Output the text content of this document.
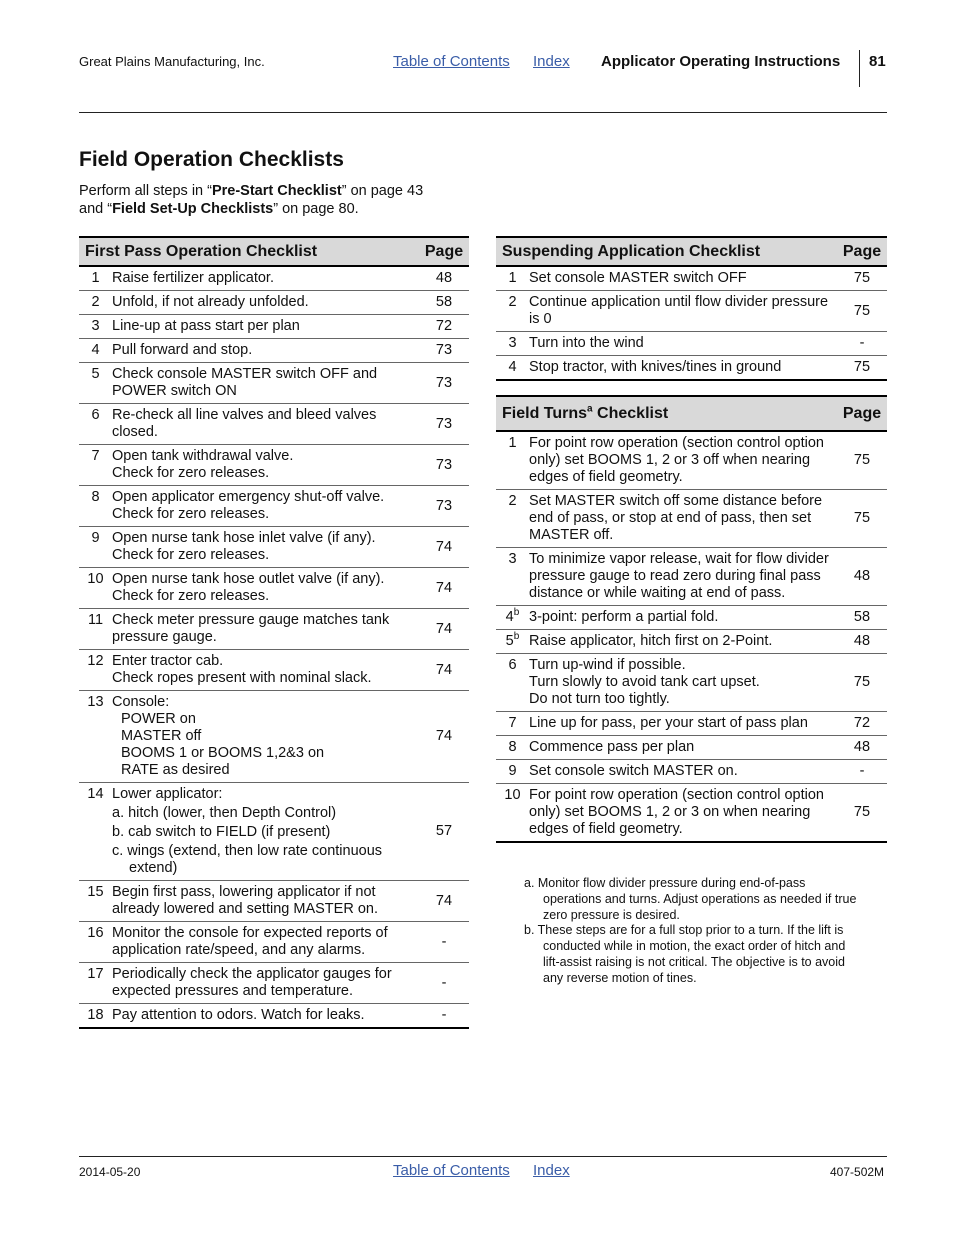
Great Plains Manufacturing, Inc.	Table of Contents Index Applicator Operating Instructions 81
Field Operation Checklists
Perform all steps in “Pre-Start Checklist” on page 43
and “Field Set-Up Checklists” on page 80.
First Pass Operation Checklist		Page
1	Raise fertilizer applicator.	48
2	Unfold, if not already unfolded.	58
3	Line-up at pass start per plan	72
4	Pull forward and stop.	73
5	Check console MASTER switch OFF and POWER switch ON	73
6	Re-check all line valves and bleed valves closed.	73
7	Open tank withdrawal valve.
Check for zero releases.	73
8	Open applicator emergency shut-off valve. Check for zero releases.	73
9	Open nurse tank hose inlet valve (if any). Check for zero releases.	74
10	Open nurse tank hose outlet valve (if any). Check for zero releases.	74
11	Check meter pressure gauge matches tank pressure gauge.	74
12	Enter tractor cab.
Check ropes present with nominal slack.	74
13	Console:
POWER on
MASTER off
BOOMS 1 or BOOMS 1,2&3 on
RATE as desired	74
14	Lower applicator:
a. hitch (lower, then Depth Control)
b. cab switch to FIELD (if present)
c. wings (extend, then low rate continuous extend)	57
15	Begin first pass, lowering applicator if not already lowered and setting MASTER on.	74
16	Monitor the console for expected reports of application rate/speed, and any alarms.	-
17	Periodically check the applicator gauges for expected pressures and temperature.	-
18	Pay attention to odors. Watch for leaks.	-
Suspending Application Checklist		Page
1	Set console MASTER switch OFF	75
2	Continue application until flow divider pressure is 0	75
3	Turn into the wind	-
4	Stop tractor, with knives/tines in ground	75
Field Turns$^a$ Checklist		Page
1	For point row operation (section control option only) set BOOMS 1, 2 or 3 off when nearing edges of field geometry.	75
2	Set MASTER switch off some distance before end of pass, or stop at end of pass, then set MASTER off.	75
3	To minimize vapor release, wait for flow divider pressure gauge to read zero during final pass distance or while waiting at end of pass.	48
4$^b$	3-point: perform a partial fold.	58
5$^b$	Raise applicator, hitch first on 2-Point.	48
6	Turn up-wind if possible.
Turn slowly to avoid tank cart upset.
Do not turn too tightly.	75
7	Line up for pass, per your start of pass plan	72
8	Commence pass per plan	48
9	Set console switch MASTER on.	-
10	For point row operation (section control option only) set BOOMS 1, 2 or 3 on when nearing edges of field geometry.	75
a. Monitor flow divider pressure during end-of-pass operations and turns. Adjust operations as needed if true zero pressure is desired.
b. These steps are for a full stop prior to a turn. If the lift is conducted while in motion, the exact order of hitch and lift-assist raising is not critical. The objective is to avoid any reverse motion of tines.
2014-05-20	Table of Contents Index	407-502M
